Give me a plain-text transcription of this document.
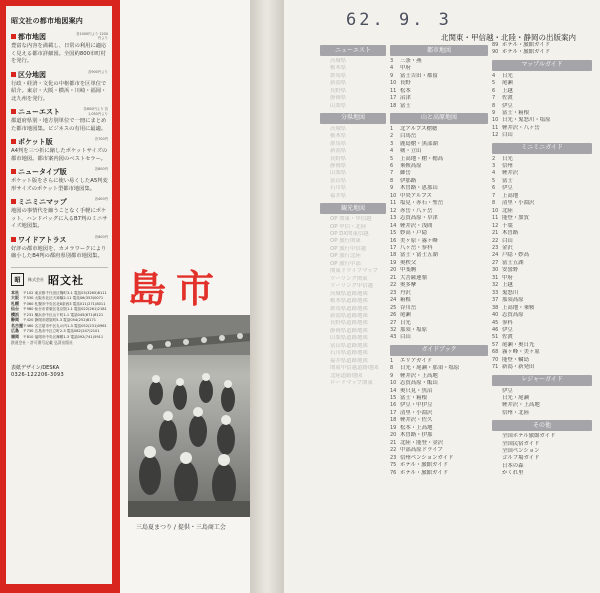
昭文社の都市地図案内
都市地図	各1000円より 1200円より
豊富な内容を満載し、日常の利用に適応く見える都市詳細図。全国約800市町村を発行。
区分地図	各900円より
行政・経済・文化の中枢都市を区単位で紹介。東京・大阪・横浜・川崎・福岡・北九州を発行。
ニューエスト	各800円より 各1,050円より
都道府県別・地方別単位で一冊にまとめた都市地図集。ビジネスの有用に最適。
ポケット版	各700円
A4判を三つ折に縮したポケットサイズの都市地図。都市案内図のベストセラー。
ニュータイプ版	各800円
ポケット版をさらに使い易くしたA5判変形サイズのポケット型都市地図集。
ミニミニマップ	各400円
地図の事情代を縮うことなく手軽にポケット、ハンドバッグに入るB7判のミニサイズ地図集。
ワイドアトラス	各800円
好評の都市地図を、カメラワークにより縮小したB4判の都府県別都市地図集。
昭	株式会社 昭文社
本社	〒102 東京都千代田区麹町3-1 電話03(3265)8111
大阪	〒530 大阪市北区天神橋2-11 電話06(353)0071
札幌	〒060 札幌市中央区北8条西3 電話011(271)8011
仙台	〒980 仙台市青葉区花京院1-1 電話022(261)2181
横浜	〒231 横浜市中区山下町1-1 電話045(671)8121
静岡	〒420 静岡市紺屋町5-3 電話054(252)8171
名古屋 〒460 名古屋市中区丸の内1-3 電話052(231)0961
広島	〒730 広島市中区立町2-3 電話082(247)2101
福岡	〒810 福岡市中央区舞鶴1-3 電話092(741)5911
鉄道会社・許可番号記載 弘済出版社
表紙デザイン/DESKA
0326-122206-3093
島市
三島夏まつり / 提供・三島商工会
62. 9. 3
北関東・甲信越・北陸・静岡の出版案内
ニューエスト
茨城県
栃木県
群馬県
新潟県
長野県
静岡県
山梨県
分県地図
茨城県
栃木県
群馬県
新潟県
長野県
静岡県
山梨県
富山県
石川県
福井県
観光地図
OP 関東・甲信越
OP 甲信・北陸
OP DX関東信越
OP 旅行関東
OP 旅行甲信越
OP 旅行北陸
OP 旅行中部
関東ドライブマップ
ツーリング関東
ツーリング甲信越
茨城県道路地図
栃木県道路地図
群馬県道路地図
新潟県道路地図
長野県道路地図
静岡県道路地図
山梨県道路地図
富山県道路地図
石川県道路地図
福井県道路地図
関東甲信越道路地図
北陸道路地図
ロードマップ関東
都市地図
3	三条・燕
4	甲府
9	富士吉田・都留
10 長野
11 松本
17 沼津
18 富士
山と高原地図
1	北アルプス槍穂
2	白馬岳
3	鹿島槍・黒部湖
4	剱・立山
5	上高地・槍・穂高
6	乗鞍高原
7	御岳
8	伊那路
9	木曽路・恵那山
10 中央アルプス
11 塩見・赤石・聖岳
12 赤岳・八ヶ岳
13 志賀高原・草津
14 軽井沢・浅間
15 妙高・戸隠
16 美ヶ原・霧ヶ峰
17 八ヶ岳・蓼科
18 富士・富士五湖
19 奥秩父
20 甲斐駒
21 大菩薩連嶺
22 奥多摩
23 丹沢
24 箱根
25 谷川岳
26 尾瀬
27 日光
32 那須・塩原
43 白山
ガイドブック
1	エリアガイド
8	日光・尾瀬・那須・塩原
9	軽井沢・上高地
10 志賀高原・飯山
14 奥只見・魚沼
15 富士・箱根
16 伊豆・中伊豆
17 清里・小淵沢
18 軽井沢・佐久
19 松本・上高地
20 木曽路・伊那
21 北陸・能登・金沢
22 中部高原ドライブ
23 信州ペンションガイド
75 ホテル・旅館ガイド
76 ホテル・旅館ガイド
89 ホテル・旅館ガイド
90 ホテル・旅館ガイド
マップルガイド
4	日光
5	尾瀬
6	上越
7	佐渡
8	伊豆
9	富士・箱根
10 日光・鬼怒川・塩原
11 軽井沢・八ヶ岳
12 白山
ミニミニガイド
2	日光
3	信州
4	軽井沢
5	富士
6	伊豆
7	上高地
8	清里・小淵沢
10 北陸
11 能登・加賀
12 千葉
21 木曽路
22 白山
23 金沢
24 戸隠・妙高
27 富士五湖
30 安曇野
31 甲府
32 上越
33 鬼怒川
37 那須高原
38 上高地・乗鞍
40 志賀高原
45 蓼科
46 伊豆
51 佐渡
57 尾瀬・奥日光
68 霧ヶ峰・美ヶ原
70 能登・輪島
71 新潟・新発田
レジャーガイド
伊豆
日光・尾瀬
軽井沢・上高地
信州・北陸
その他
全国ホテル旅館ガイド
全国民宿ガイド
全国ペンション
ゴルフ場ガイド
日本の森
かくれ里
